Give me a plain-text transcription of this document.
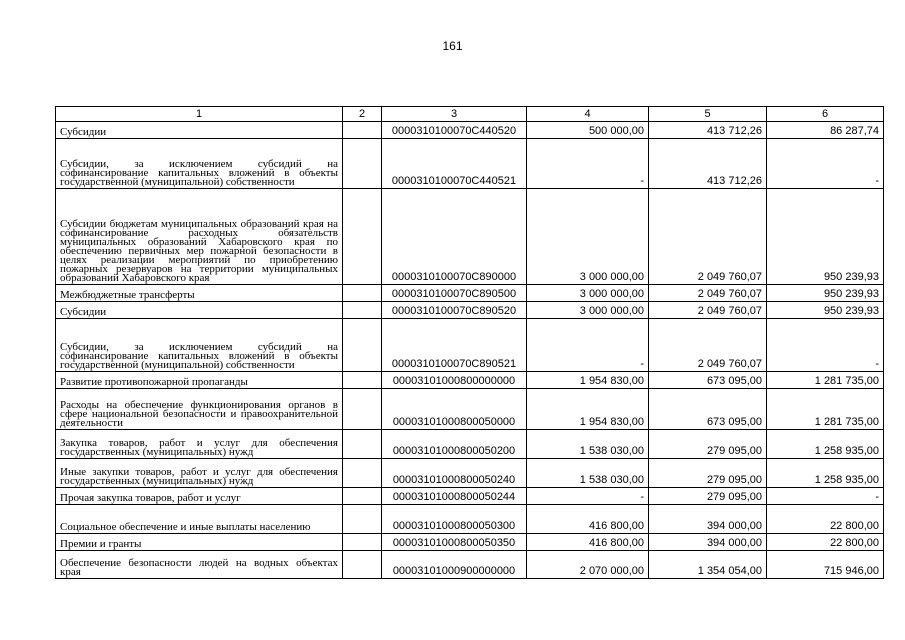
161
1	2	3	4	5	6
Субсидии		0000310100070С440520	500 000,00	413 712,26	86 287,74
Субсидии, за исключением субсидий на софинансирование капитальных вложений в объекты государственной (муниципальной) собственности		0000310100070С440521	-	413 712,26	-
Субсидии бюджетам муниципальных образований края на софинансирование расходных обязательств муниципальных образований Хабаровского края по обеспечению первичных мер пожарной безопасности в целях реализации мероприятий по приобретению пожарных резервуаров на территории муниципальных образований Хабаровского края		0000310100070С890000	3 000 000,00	2 049 760,07	950 239,93
Межбюджетные трансферты		0000310100070С890500	3 000 000,00	2 049 760,07	950 239,93
Субсидии		0000310100070С890520	3 000 000,00	2 049 760,07	950 239,93
Субсидии, за исключением субсидий на софинансирование капитальных вложений в объекты государственной (муниципальной) собственности		0000310100070С890521	-	2 049 760,07	-
Развитие противопожарной пропаганды		00003101000800000000	1 954 830,00	673 095,00	1 281 735,00
Расходы на обеспечение функционирования органов в сфере национальной безопасности и правоохранительной деятельности		00003101000800050000	1 954 830,00	673 095,00	1 281 735,00
Закупка товаров, работ и услуг для обеспечения государственных (муниципальных) нужд		00003101000800050200	1 538 030,00	279 095,00	1 258 935,00
Иные закупки товаров, работ и услуг для обеспечения государственных (муниципальных) нужд		00003101000800050240	1 538 030,00	279 095,00	1 258 935,00
Прочая закупка товаров, работ и услуг		00003101000800050244	-	279 095,00	-
Социальное обеспечение и иные выплаты населению		00003101000800050300	416 800,00	394 000,00	22 800,00
Премии и гранты		00003101000800050350	416 800,00	394 000,00	22 800,00
Обеспечение безопасности людей на водных объектах края		00003101000900000000	2 070 000,00	1 354 054,00	715 946,00
